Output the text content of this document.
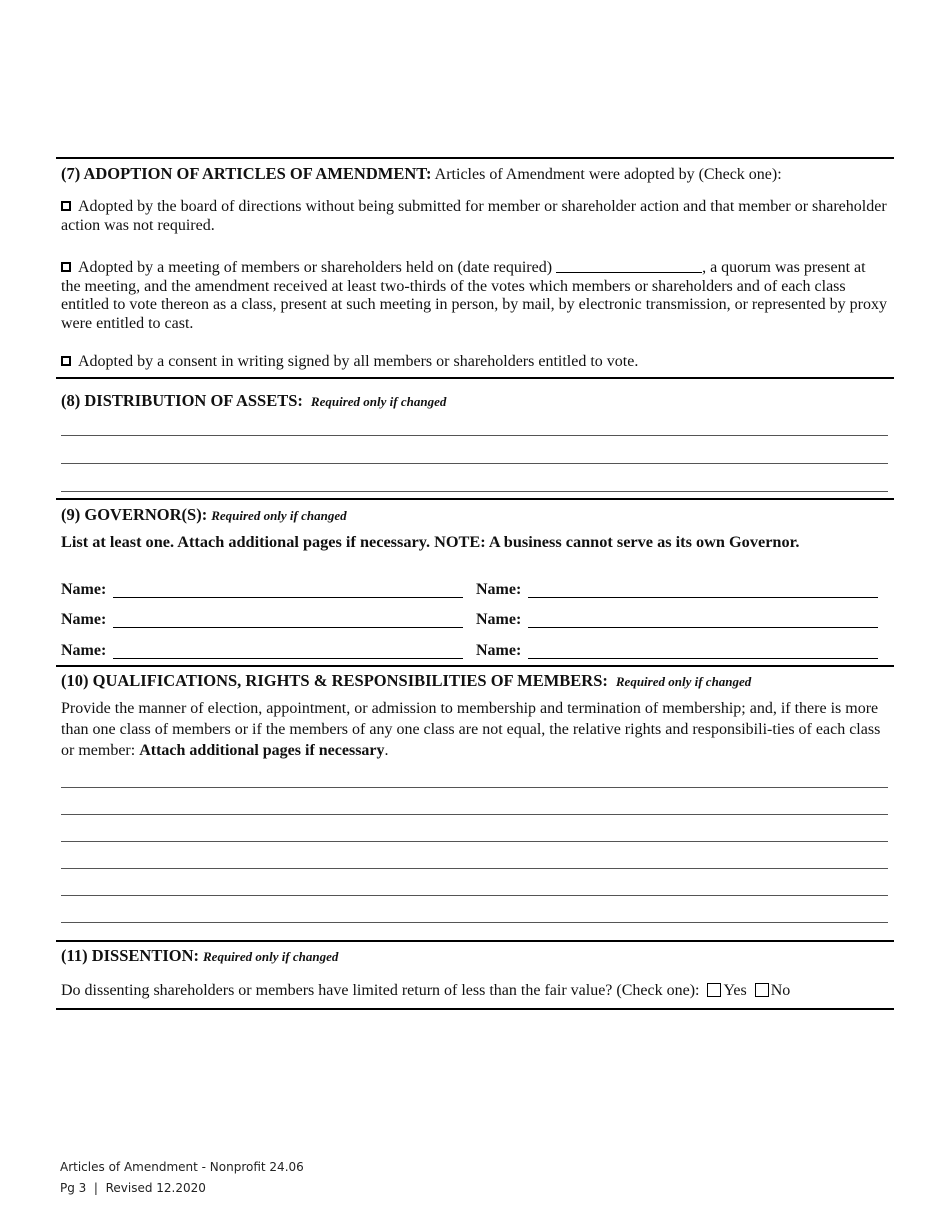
(7) ADOPTION OF ARTICLES OF AMENDMENT: Articles of Amendment were adopted by (Check one):
Adopted by the board of directions without being submitted for member or shareholder action and that member or shareholder action was not required.
Adopted by a meeting of members or shareholders held on (date required)	, a quorum was present at the meeting, and the amendment received at least two-thirds of the votes which members or shareholders and of each class entitled to vote thereon as a class, present at such meeting in person, by mail, by electronic transmission, or represented by proxy were entitled to cast.
Adopted by a consent in writing signed by all members or shareholders entitled to vote.
(8) DISTRIBUTION OF ASSETS: Required only if changed
(9) GOVERNOR(S): Required only if changed
List at least one. Attach additional pages if necessary. NOTE: A business cannot serve as its own Governor.
Name:	Name:
Name:	Name:
Name:	Name:
(10) QUALIFICATIONS, RIGHTS & RESPONSIBILITIES OF MEMBERS: Required only if changed
Provide the manner of election, appointment, or admission to membership and termination of membership; and, if there is more than one class of members or if the members of any one class are not equal, the relative rights and responsibili-ties of each class or member: Attach additional pages if necessary.
(11) DISSENTION: Required only if changed
Do dissenting shareholders or members have limited return of less than the fair value? (Check one): Yes No
Articles of Amendment - Nonprofit 24.06
Pg 3  |  Revised 12.2020
